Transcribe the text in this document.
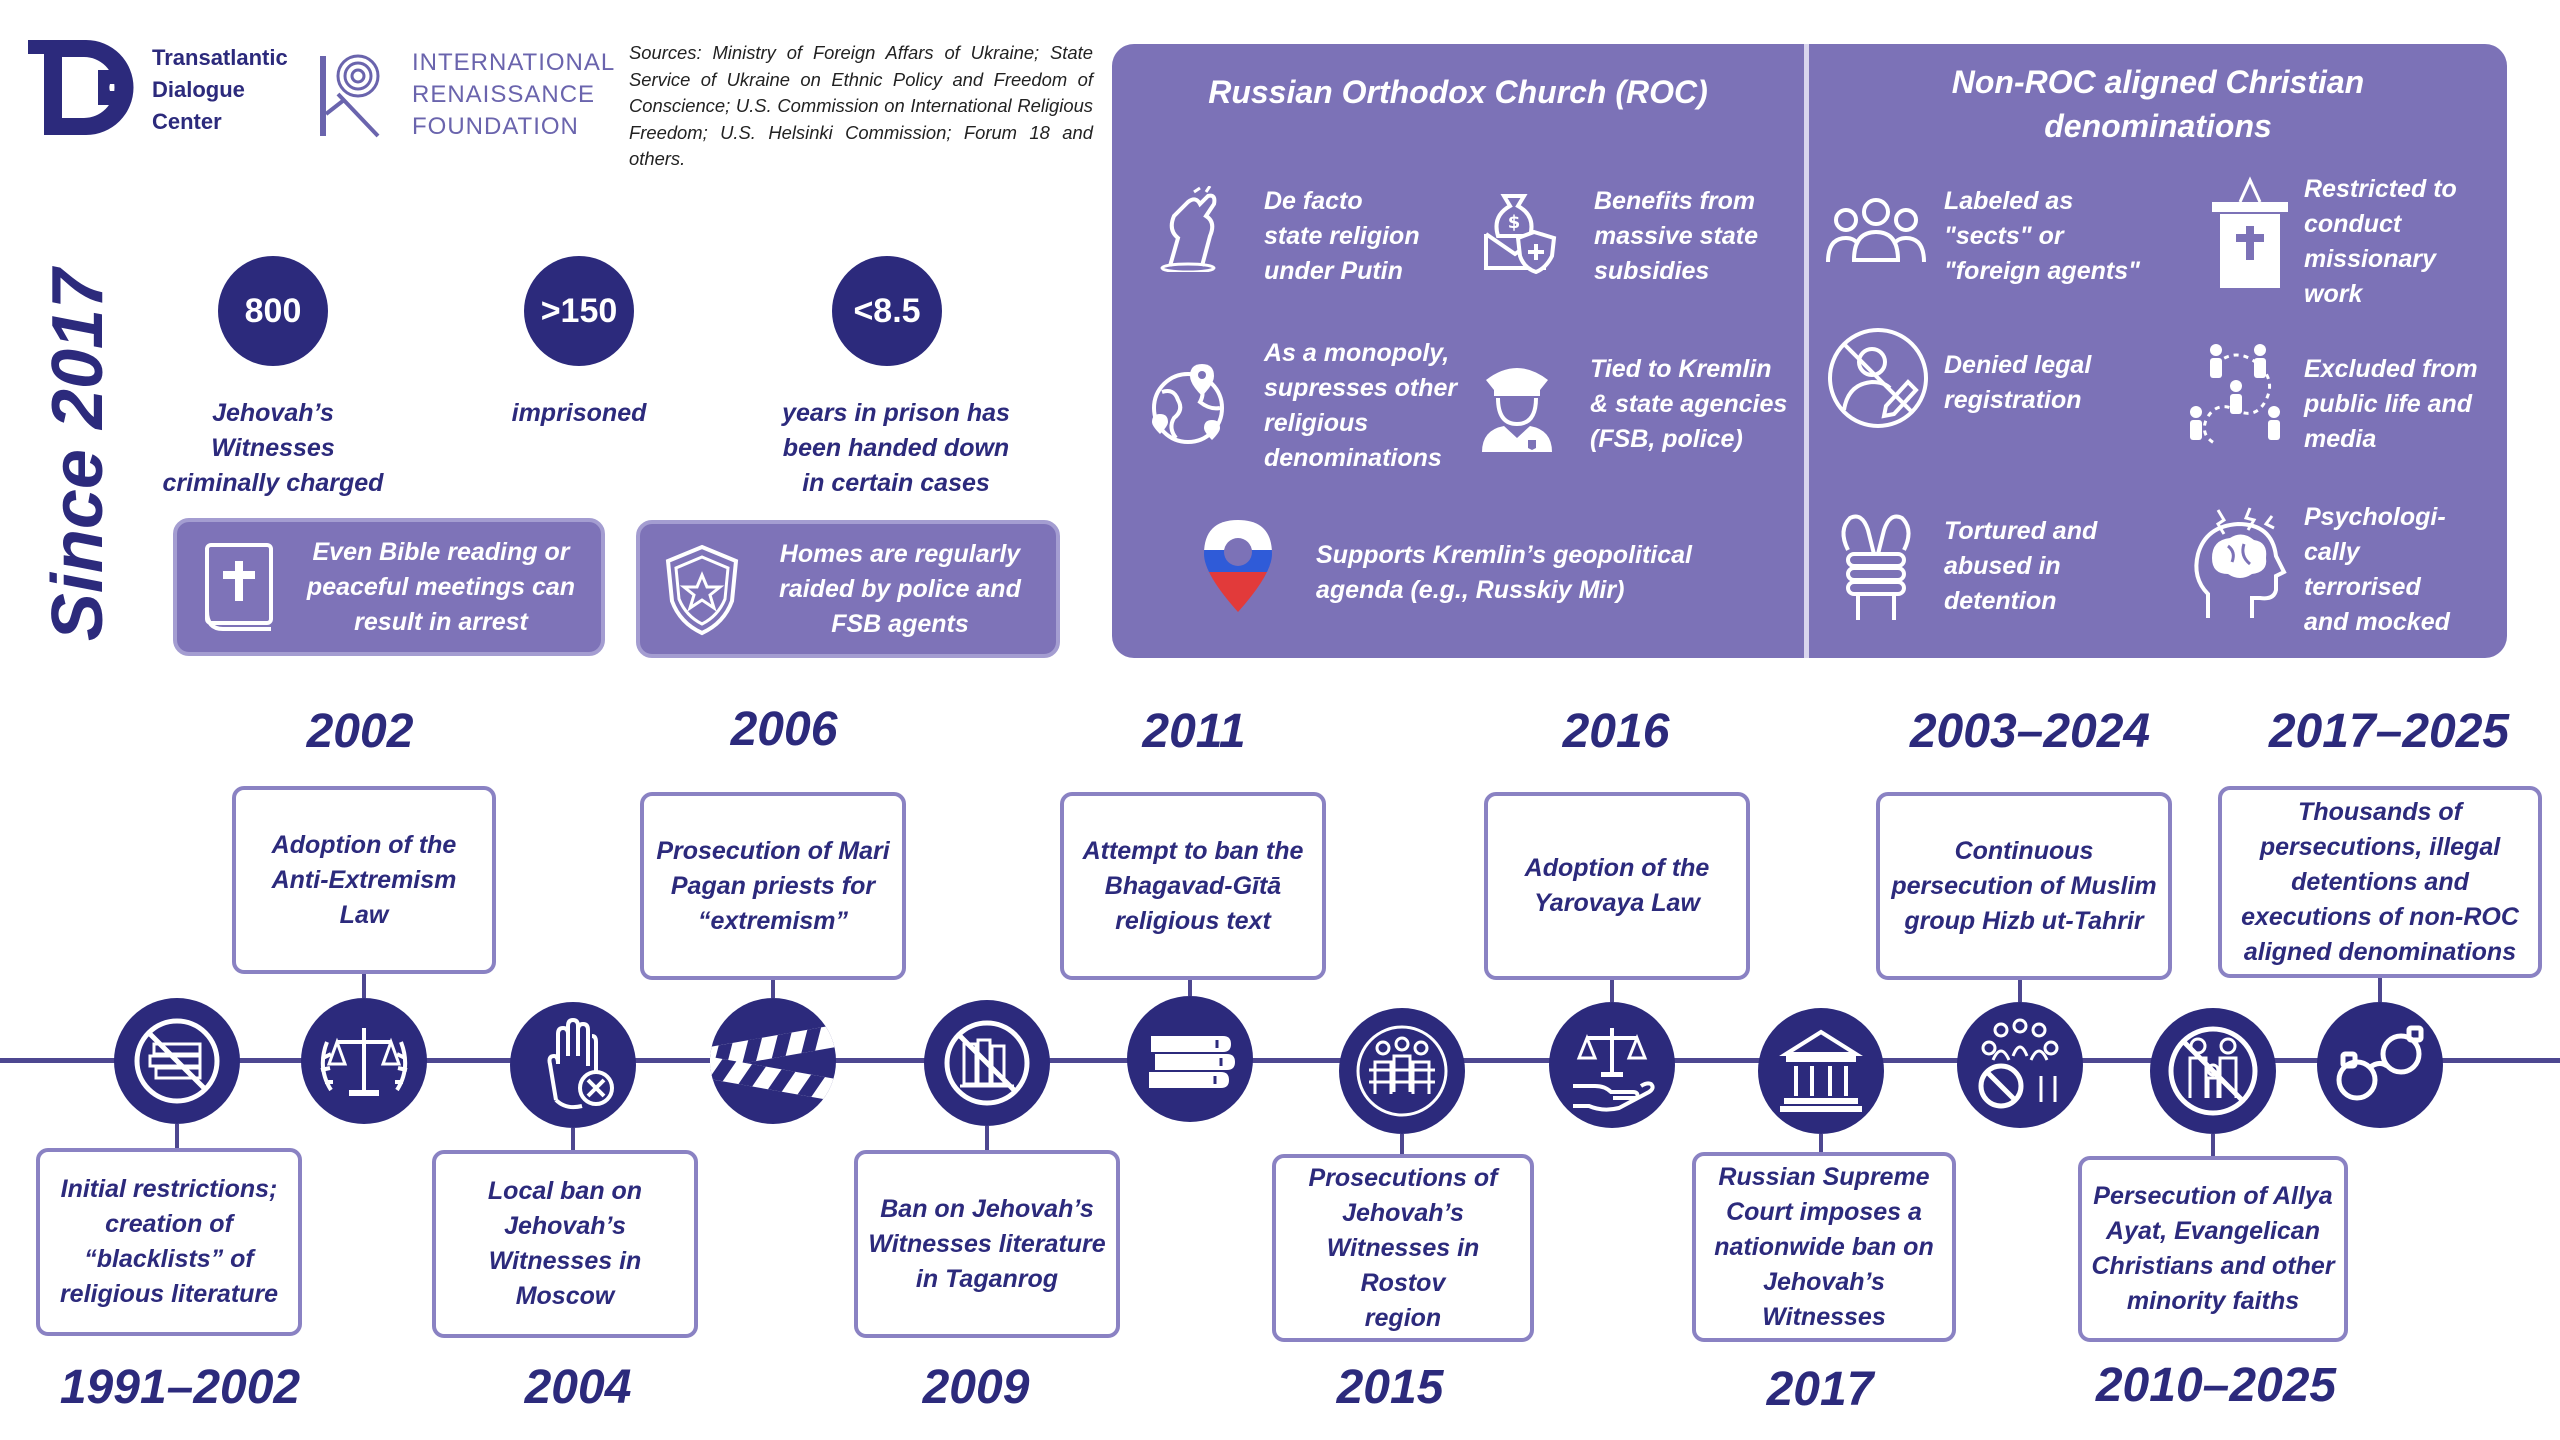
Transatlantic
Dialogue
Center
INTERNATIONAL
RENAISSANCE
FOUNDATION
Sources: Ministry of Foreign Affars of Ukraine; State Service of Ukraine on Ethnic Policy and Freedom of Conscience; U.S. Commission on International Religious Freedom; U.S. Helsinki Commission; Forum 18 and others.
Since 2017	800
Jehovah’s
Witnesses
criminally charged
>150
imprisoned
<8.5
years in prison has
been handed down
in certain cases
Even Bible reading or
peaceful meetings can
result in arrest
Homes are regularly
raided by police and
FSB agents
Russian Orthodox Church (ROC)
De facto
state religion
under Putin
$
Benefits from
massive state
subsidies
As a monopoly,
supresses other
religious
denominations
Tied to Kremlin
& state agencies
(FSB, police)
Supports Kremlin’s geopolitical
agenda (e.g., Russkiy Mir)
Non-ROC aligned Christian
denominations
Labeled as
"sects" or
"foreign agents"
Restricted to
conduct
missionary
work
Denied legal
registration
Excluded from
public life and
media
Tortured and
abused in
detention
Psychologi-
cally
terrorised
and mocked
2002
Adoption of the
Anti-Extremism
Law
2006
Prosecution of Mari
Pagan priests for
“extremism”
2011
Attempt to ban the
Bhagavad-Gītā
religious text
2016
Adoption of the
Yarovaya Law
2003–2024
Continuous
persecution of Muslim
group Hizb ut-Tahrir
2017–2025
Thousands of
persecutions, illegal
detentions and
executions of non-ROC
aligned denominations
Initial restrictions;
creation of
“blacklists” of
religious literature
1991–2002
Local ban on
Jehovah’s
Witnesses in
Moscow
2004
Ban on Jehovah’s
Witnesses literature
in Taganrog
2009
Prosecutions of
Jehovah’s
Witnesses in Rostov
region
2015
Russian Supreme
Court imposes a
nationwide ban on
Jehovah’s
Witnesses
2017
Persecution of Allya
Ayat, Evangelican
Christians and other
minority faiths
2010–2025
